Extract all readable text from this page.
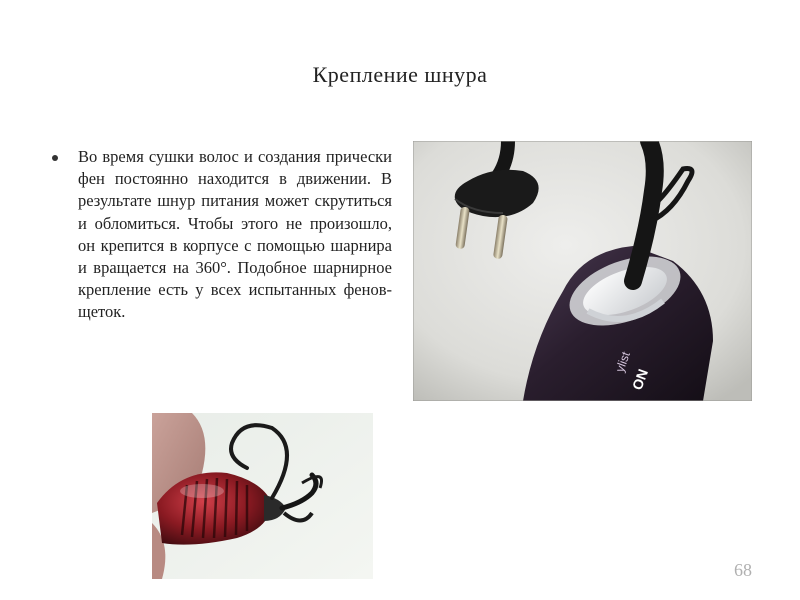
Крепление шнура
Во время сушки волос и создания прически фен постоянно находится в движении. В результате шнур питания может скрутиться и обломиться. Чтобы этого не произошло, он крепится в корпусе с помощью шарнира и вращается на 360°. Подобное шарнирное крепление есть у всех испытанных фенов-щеток.
ylist
ON
68
